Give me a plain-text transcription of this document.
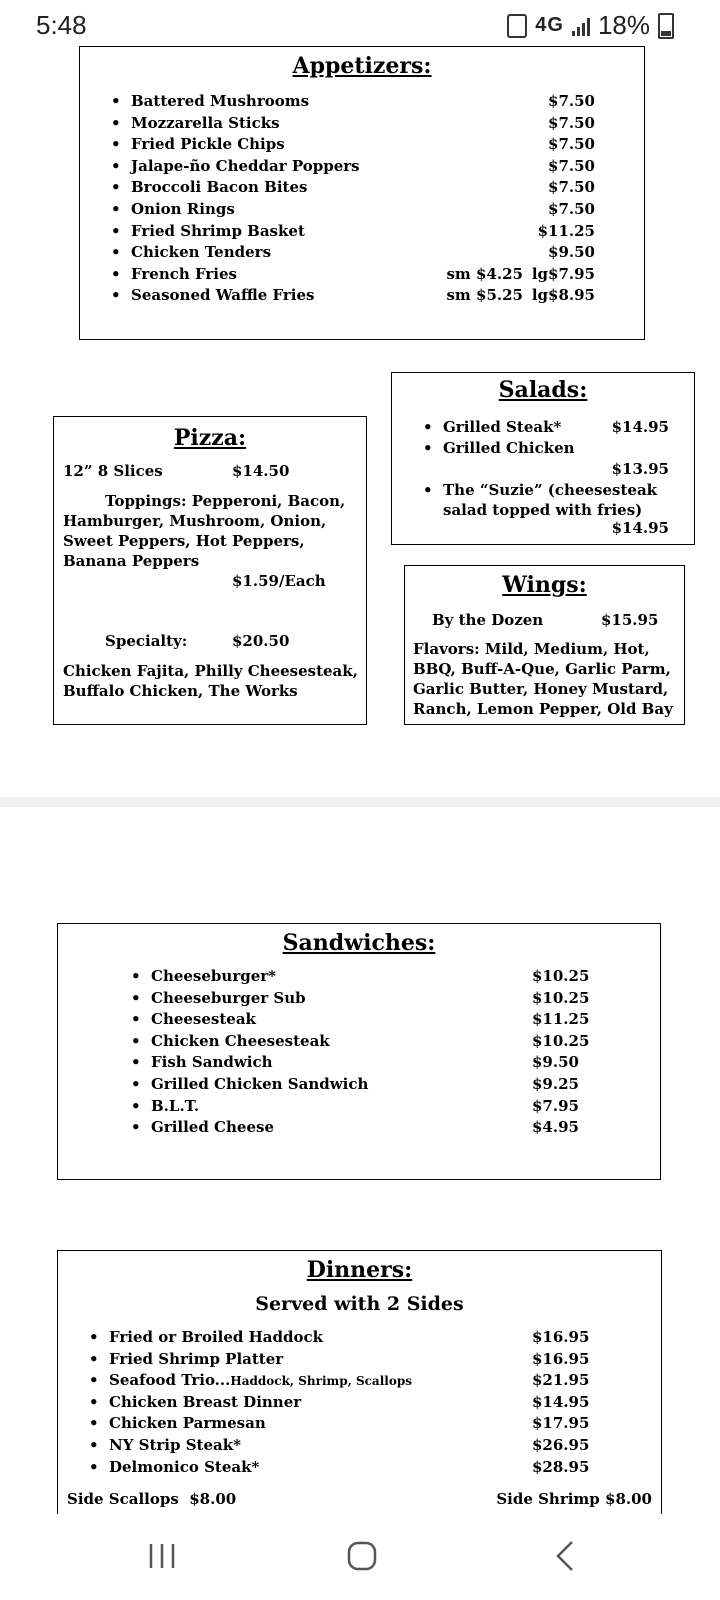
5:48	4G 18%
Appetizers:
• Battered Mushrooms	$7.50
• Mozzarella Sticks	$7.50
• Fried Pickle Chips	$7.50
• Jalape-ño Cheddar Poppers	$7.50
• Broccoli Bacon Bites	$7.50
• Onion Rings	$7.50
• Fried Shrimp Basket	$11.25
• Chicken Tenders	$9.50
• French Fries	sm $4.25 lg$7.95
• Seasoned Waffle Fries	sm $5.25 lg$8.95
Salads:
• Grilled Steak*	$14.95
• Grilled Chicken
$13.95
• The “Suzie” (cheesesteak salad topped with fries)
$14.95
Pizza:
12” 8 Slices	$14.50
Toppings: Pepperoni, Bacon, Hamburger, Mushroom, Onion, Sweet Peppers, Hot Peppers, Banana Peppers
$1.59/Each
Specialty:	$20.50
Chicken Fajita, Philly Cheesesteak, Buffalo Chicken, The Works
Wings:
By the Dozen	$15.95
Flavors: Mild, Medium, Hot, BBQ, Buff-A-Que, Garlic Parm, Garlic Butter, Honey Mustard, Ranch, Lemon Pepper, Old Bay
Sandwiches:
• Cheeseburger*	$10.25
• Cheeseburger Sub	$10.25
• Cheesesteak	$11.25
• Chicken Cheesesteak	$10.25
• Fish Sandwich	$9.50
• Grilled Chicken Sandwich	$9.25
• B.L.T.	$7.95
• Grilled Cheese	$4.95
Dinners:
Served with 2 Sides
• Fried or Broiled Haddock	$16.95
• Fried Shrimp Platter	$16.95
• Seafood Trio...Haddock, Shrimp, Scallops	$21.95
• Chicken Breast Dinner	$14.95
• Chicken Parmesan	$17.95
• NY Strip Steak*	$26.95
• Delmonico Steak*	$28.95
Side Scallops  $8.00	Side Shrimp $8.00
